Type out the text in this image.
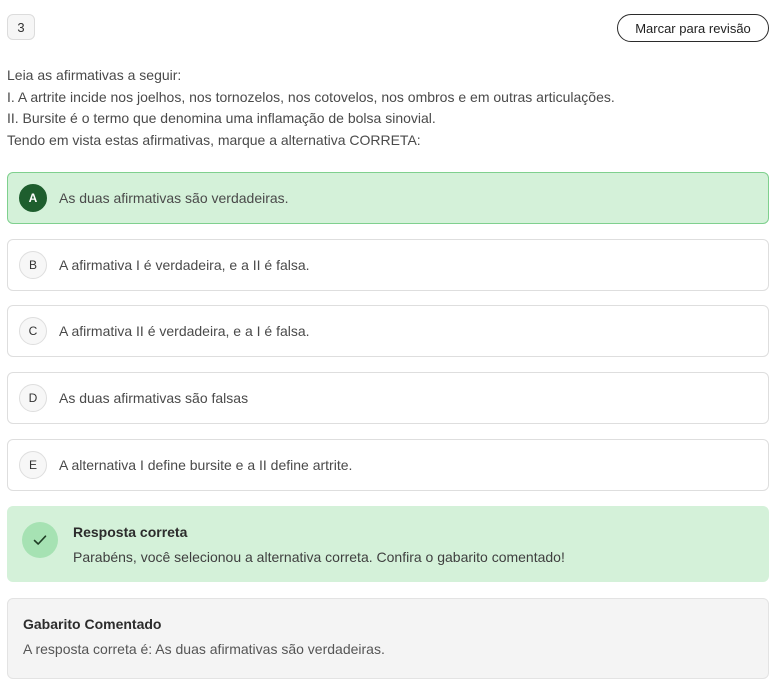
3	Marcar para revisão
Leia as afirmativas a seguir:
I. A artrite incide nos joelhos, nos tornozelos, nos cotovelos, nos ombros e em outras articulações.
II. Bursite é o termo que denomina uma inflamação de bolsa sinovial.
Tendo em vista estas afirmativas, marque a alternativa CORRETA:
A	As duas afirmativas são verdadeiras.
B	A afirmativa I é verdadeira, e a II é falsa.
C	A afirmativa II é verdadeira, e a I é falsa.
D	As duas afirmativas são falsas
E	A alternativa I define bursite e a II define artrite.
Resposta correta
Parabéns, você selecionou a alternativa correta. Confira o gabarito comentado!
Gabarito Comentado
A resposta correta é: As duas afirmativas são verdadeiras.
